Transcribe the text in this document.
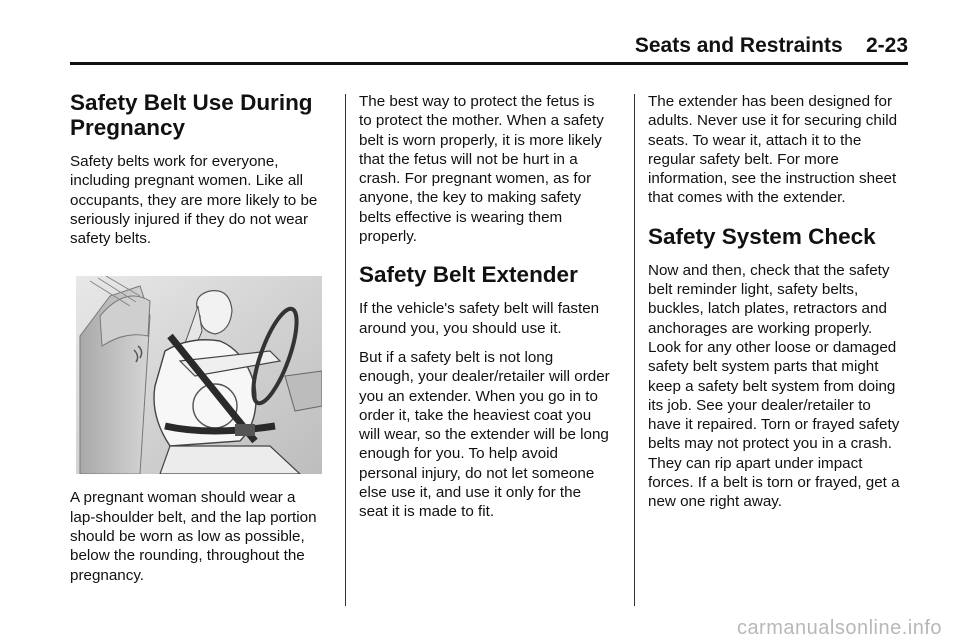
Seats and Restraints 2-23
Safety Belt Use During Pregnancy

Safety belts work for everyone, including pregnant women. Like all occupants, they are more likely to be seriously injured if they do not wear safety belts.

A pregnant woman should wear a lap-shoulder belt, and the lap portion should be worn as low as possible, below the rounding, throughout the pregnancy.

The best way to protect the fetus is to protect the mother. When a safety belt is worn properly, it is more likely that the fetus will not be hurt in a crash. For pregnant women, as for anyone, the key to making safety belts effective is wearing them properly.

Safety Belt Extender

If the vehicle's safety belt will fasten around you, you should use it.

But if a safety belt is not long enough, your dealer/retailer will order you an extender. When you go in to order it, take the heaviest coat you will wear, so the extender will be long enough for you. To help avoid personal injury, do not let someone else use it, and use it only for the seat it is made to fit.

The extender has been designed for adults. Never use it for securing child seats. To wear it, attach it to the regular safety belt. For more information, see the instruction sheet that comes with the extender.

Safety System Check

Now and then, check that the safety belt reminder light, safety belts, buckles, latch plates, retractors and anchorages are working properly. Look for any other loose or damaged safety belt system parts that might keep a safety belt system from doing its job. See your dealer/retailer to have it repaired. Torn or frayed safety belts may not protect you in a crash. They can rip apart under impact forces. If a belt is torn or frayed, get a new one right away.

carmanualsonline.info
